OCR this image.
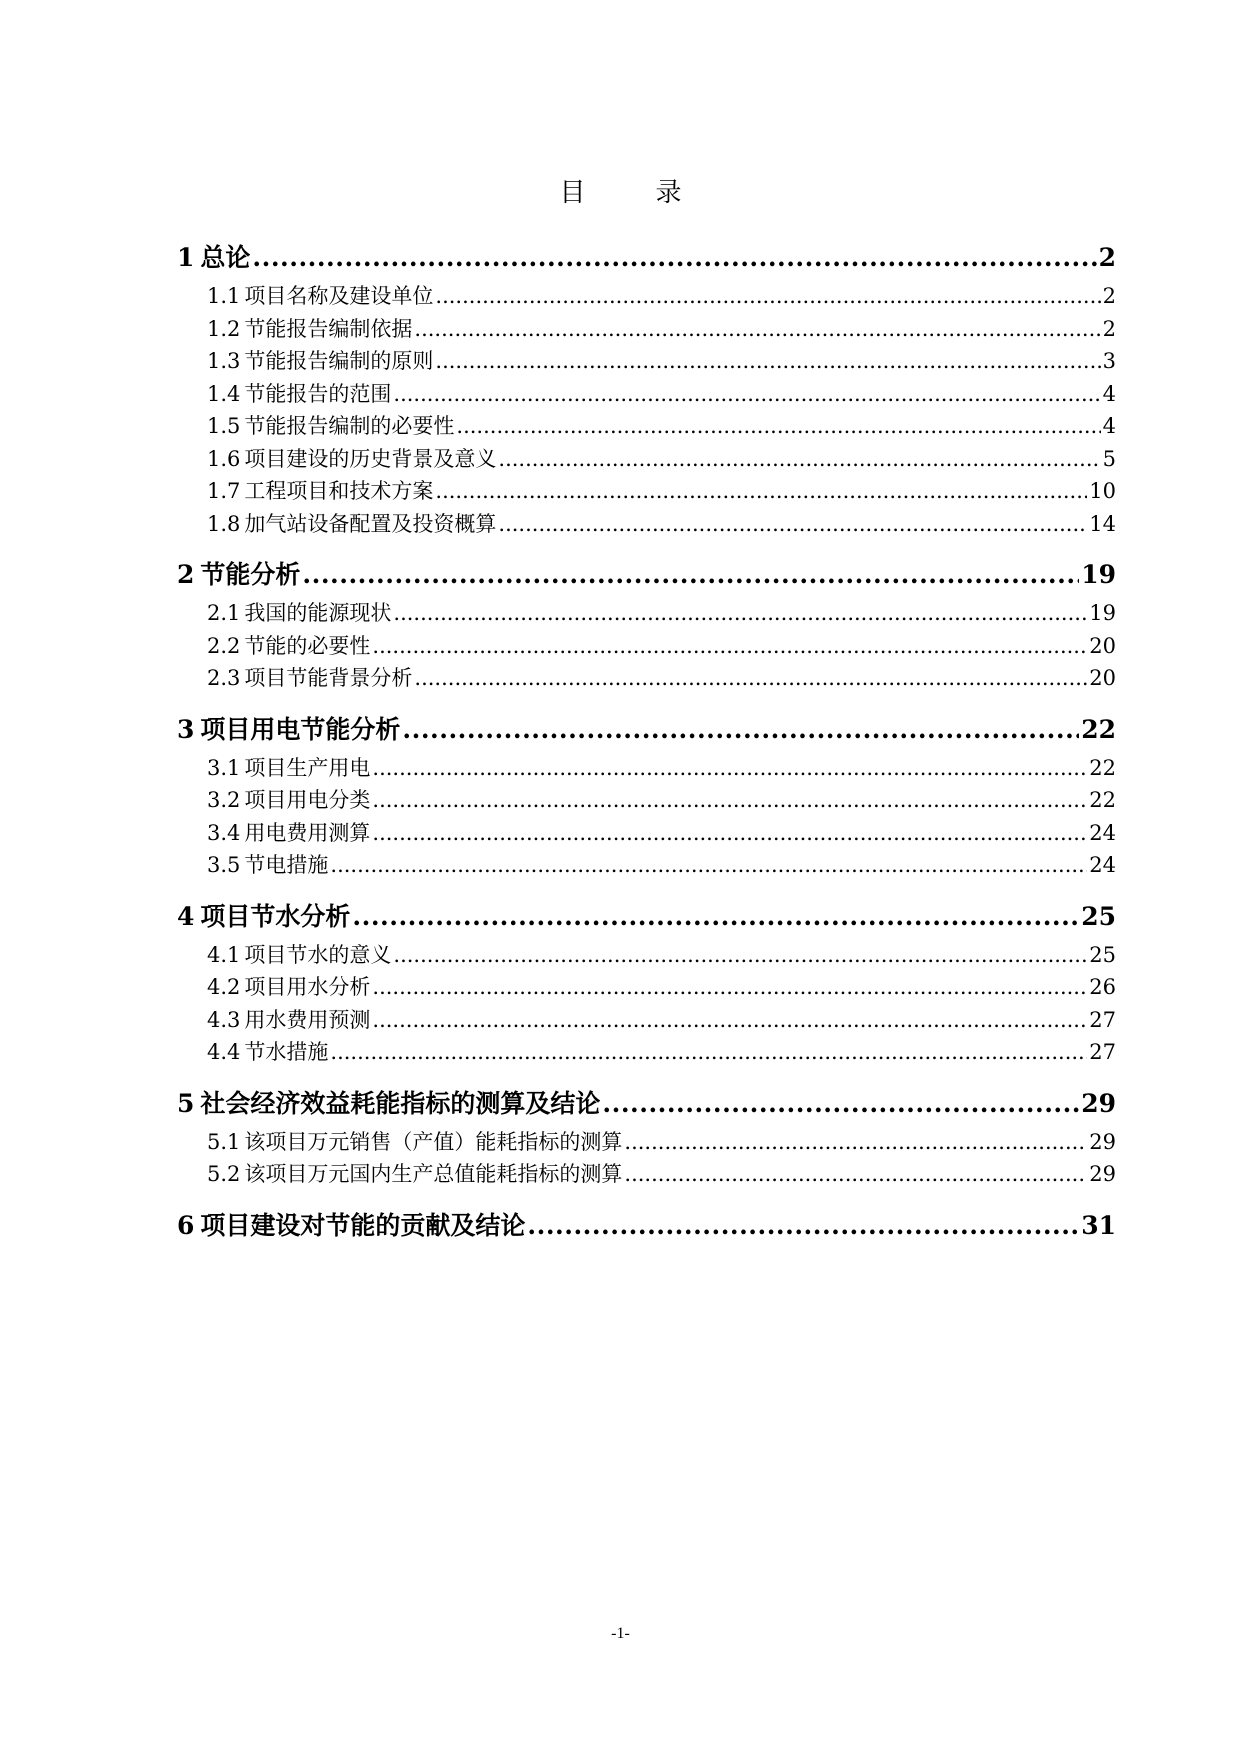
目录
1 总论 .....	2
1.1 项目名称及建设单位 .....	2
1.2 节能报告编制依据 .....	2
1.3 节能报告编制的原则 .....	3
1.4 节能报告的范围 .....	4
1.5 节能报告编制的必要性 .....	4
1.6 项目建设的历史背景及意义 .....	5
1.7 工程项目和技术方案 .....	10
1.8 加气站设备配置及投资概算 .....	14
2 节能分析 .....	19
2.1 我国的能源现状 .....	19
2.2 节能的必要性 .....	20
2.3 项目节能背景分析 .....	20
3 项目用电节能分析 .....	22
3.1 项目生产用电 .....	22
3.2 项目用电分类 .....	22
3.4 用电费用测算 .....	24
3.5 节电措施 .....	24
4 项目节水分析 .....	25
4.1 项目节水的意义 .....	25
4.2 项目用水分析 .....	26
4.3 用水费用预测 .....	27
4.4 节水措施 .....	27
5 社会经济效益耗能指标的测算及结论 .....	29
5.1 该项目万元销售（产值）能耗指标的测算 .....	29
5.2 该项目万元国内生产总值能耗指标的测算 .....	29
6 项目建设对节能的贡献及结论 .....	31
-1-
